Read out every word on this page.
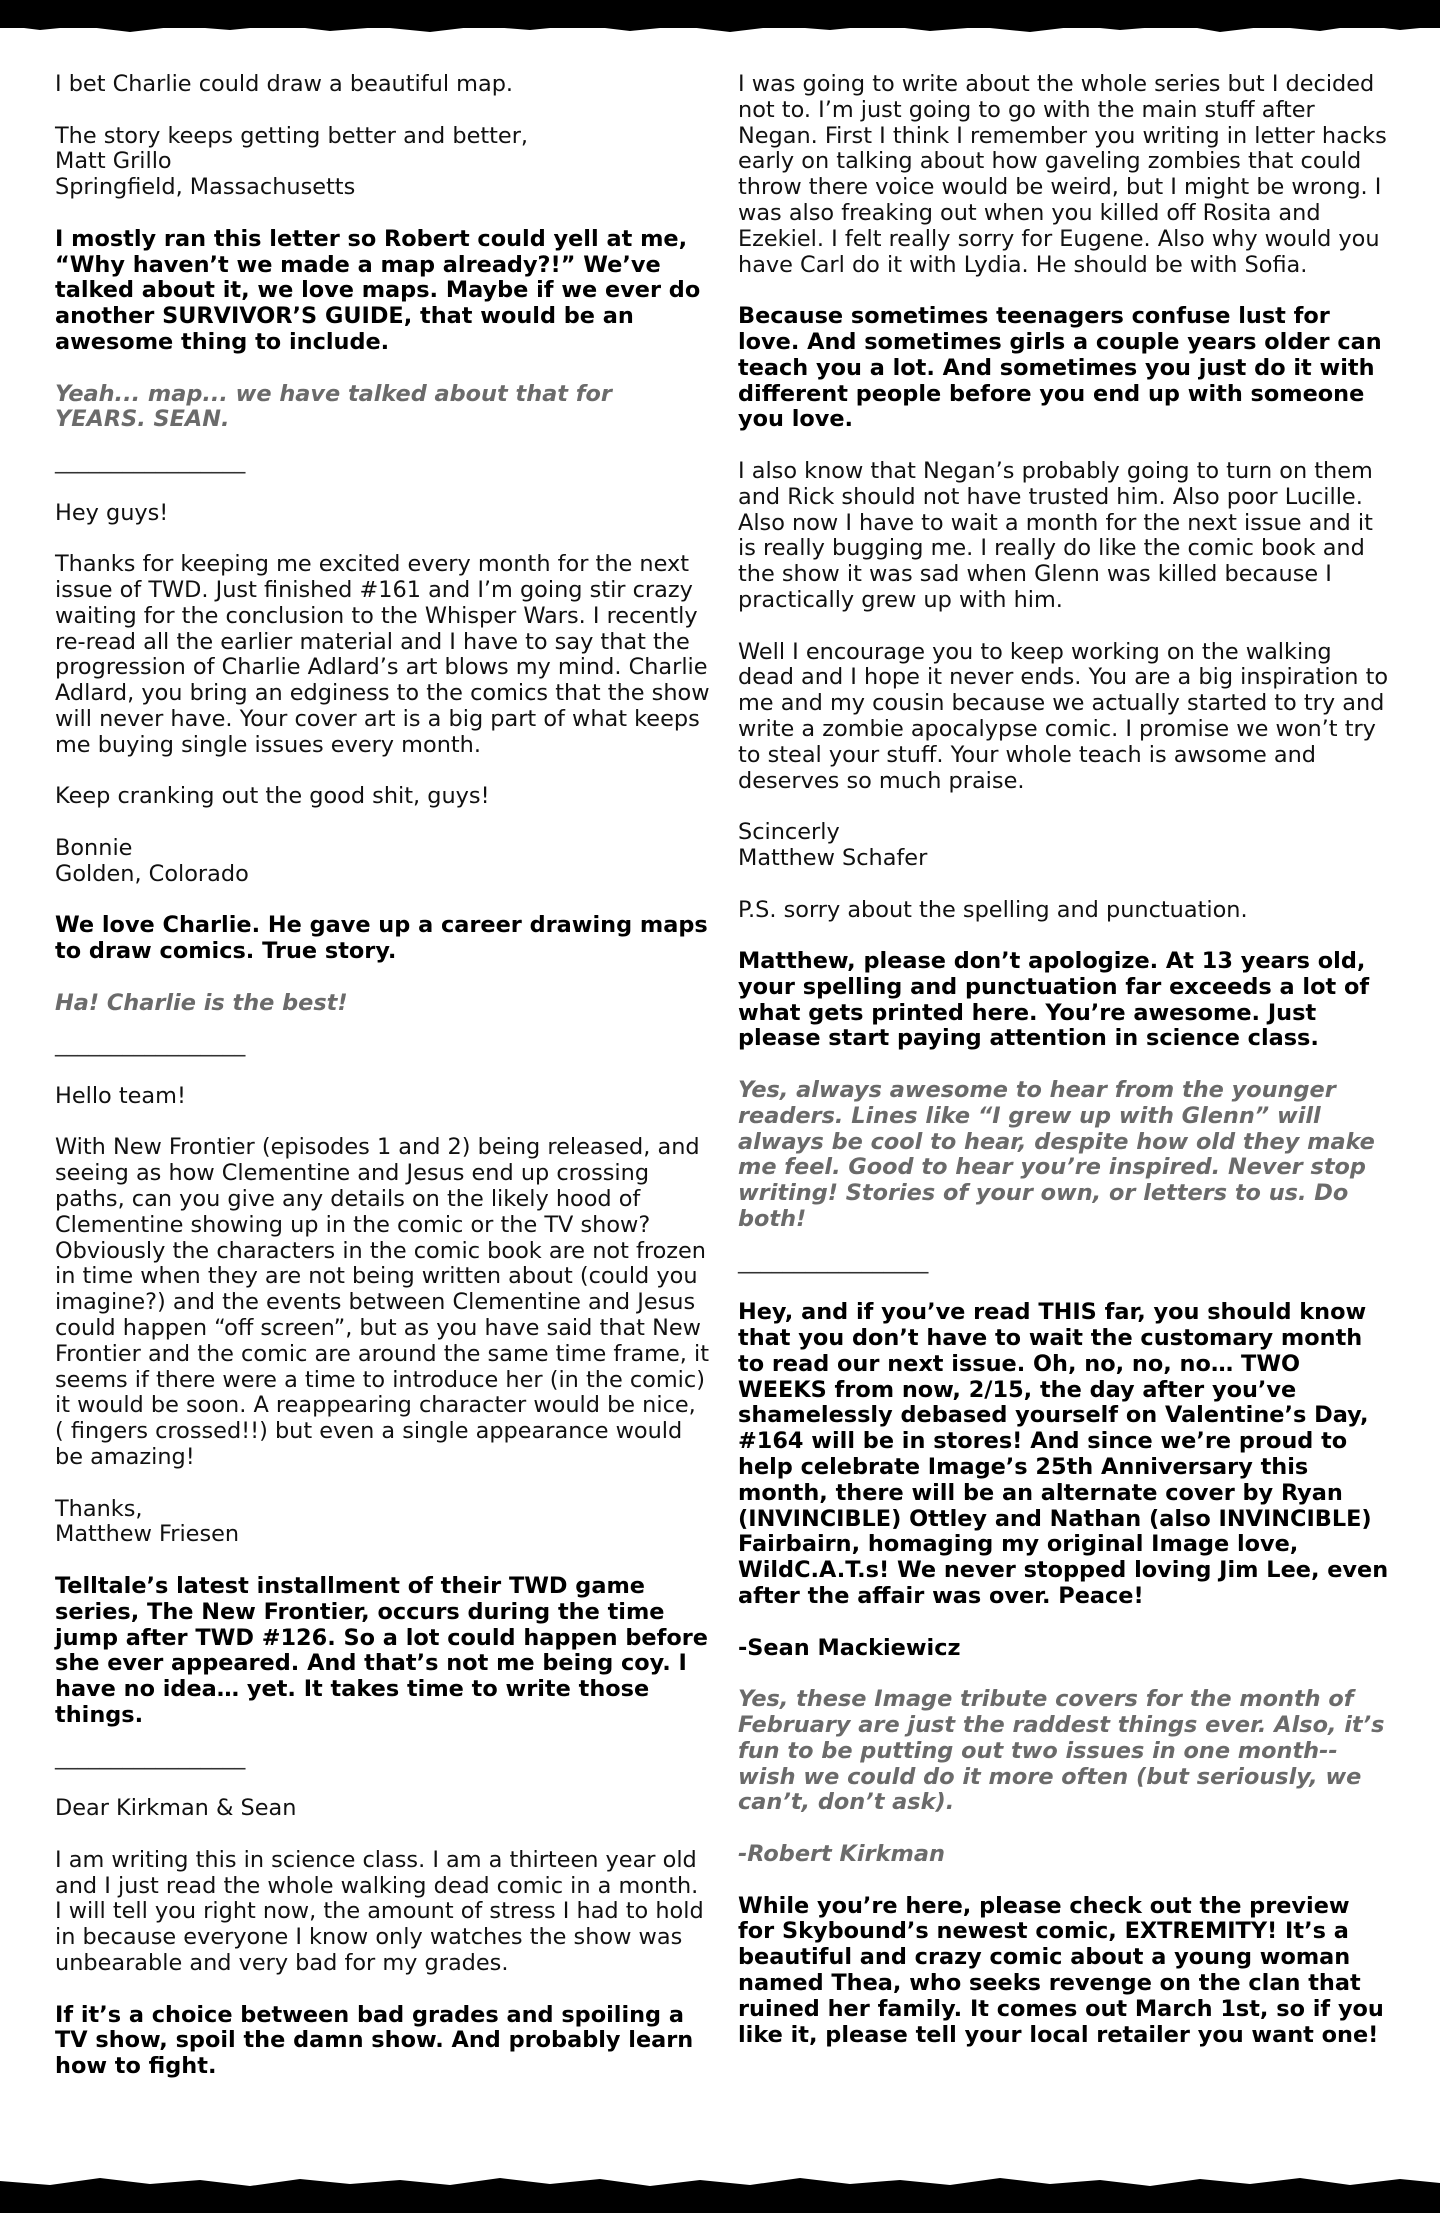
I bet Charlie could draw a beautiful map.

The story keeps getting better and better,
Matt Grillo
Springfield, Massachusetts

I mostly ran this letter so Robert could yell at me, “Why haven’t we made a map already?!” We’ve talked about it, we love maps. Maybe if we ever do another SURVIVOR’S GUIDE, that would be an awesome thing to include.

Yeah... map... we have talked about that for YEARS. SEAN.

_________________

Hey guys!

Thanks for keeping me excited every month for the next issue of TWD. Just finished #161 and I’m going stir crazy waiting for the conclusion to the Whisper Wars. I recently re-read all the earlier material and I have to say that the progression of Charlie Adlard’s art blows my mind. Charlie Adlard, you bring an edginess to the comics that the show will never have. Your cover art is a big part of what keeps me buying single issues every month.

Keep cranking out the good shit, guys!

Bonnie
Golden, Colorado

We love Charlie. He gave up a career drawing maps to draw comics. True story.

Ha! Charlie is the best!

_________________

Hello team!

With New Frontier (episodes 1 and 2) being released, and seeing as how Clementine and Jesus end up crossing paths, can you give any details on the likely hood of Clementine showing up in the comic or the TV show? Obviously the characters in the comic book are not frozen in time when they are not being written about (could you imagine?) and the events between Clementine and Jesus could happen “off screen”, but as you have said that New Frontier and the comic are around the same time frame, it seems if there were a time to introduce her (in the comic) it would be soon. A reappearing character would be nice, ( fingers crossed!!) but even a single appearance would be amazing!

Thanks,
Matthew Friesen

Telltale’s latest installment of their TWD game series, The New Frontier, occurs during the time jump after TWD #126. So a lot could happen before she ever appeared. And that’s not me being coy. I have no idea… yet. It takes time to write those things.

_________________

Dear Kirkman & Sean

I am writing this in science class. I am a thirteen year old and I just read the whole walking dead comic in a month. I will tell you right now, the amount of stress I had to hold in because everyone I know only watches the show was unbearable and very bad for my grades.

If it’s a choice between bad grades and spoiling a TV show, spoil the damn show. And probably learn how to fight.

I was going to write about the whole series but I decided not to. I’m just going to go with the main stuff after Negan. First I think I remember you writing in letter hacks early on talking about how gaveling zombies that could throw there voice would be weird, but I might be wrong. I was also freaking out when you killed off Rosita and Ezekiel. I felt really sorry for Eugene. Also why would you have Carl do it with Lydia. He should be with Sofia.

Because sometimes teenagers confuse lust for love. And sometimes girls a couple years older can teach you a lot. And sometimes you just do it with different people before you end up with someone you love.

I also know that Negan’s probably going to turn on them and Rick should not have trusted him. Also poor Lucille. Also now I have to wait a month for the next issue and it is really bugging me. I really do like the comic book and the show it was sad when Glenn was killed because I practically grew up with him.

Well I encourage you to keep working on the walking dead and I hope it never ends. You are a big inspiration to me and my cousin because we actually started to try and write a zombie apocalypse comic. I promise we won’t try to steal your stuff. Your whole teach is awsome and deserves so much praise.

Scincerly
Matthew Schafer

P.S. sorry about the spelling and punctuation.

Matthew, please don’t apologize. At 13 years old, your spelling and punctuation far exceeds a lot of what gets printed here. You’re awesome. Just please start paying attention in science class.

Yes, always awesome to hear from the younger readers. Lines like “I grew up with Glenn” will always be cool to hear, despite how old they make me feel. Good to hear you’re inspired. Never stop writing! Stories of your own, or letters to us. Do both!

_________________

Hey, and if you’ve read THIS far, you should know that you don’t have to wait the customary month to read our next issue. Oh, no, no, no… TWO WEEKS from now, 2/15, the day after you’ve shamelessly debased yourself on Valentine’s Day, #164 will be in stores! And since we’re proud to help celebrate Image’s 25th Anniversary this month, there will be an alternate cover by Ryan (INVINCIBLE) Ottley and Nathan (also INVINCIBLE) Fairbairn, homaging my original Image love, WildC.A.T.s! We never stopped loving Jim Lee, even after the affair was over. Peace!

-Sean Mackiewicz

Yes, these Image tribute covers for the month of February are just the raddest things ever. Also, it’s fun to be putting out two issues in one month--wish we could do it more often (but seriously, we can’t, don’t ask).

-Robert Kirkman

While you’re here, please check out the preview for Skybound’s newest comic, EXTREMITY! It’s a beautiful and crazy comic about a young woman named Thea, who seeks revenge on the clan that ruined her family. It comes out March 1st, so if you like it, please tell your local retailer you want one!
